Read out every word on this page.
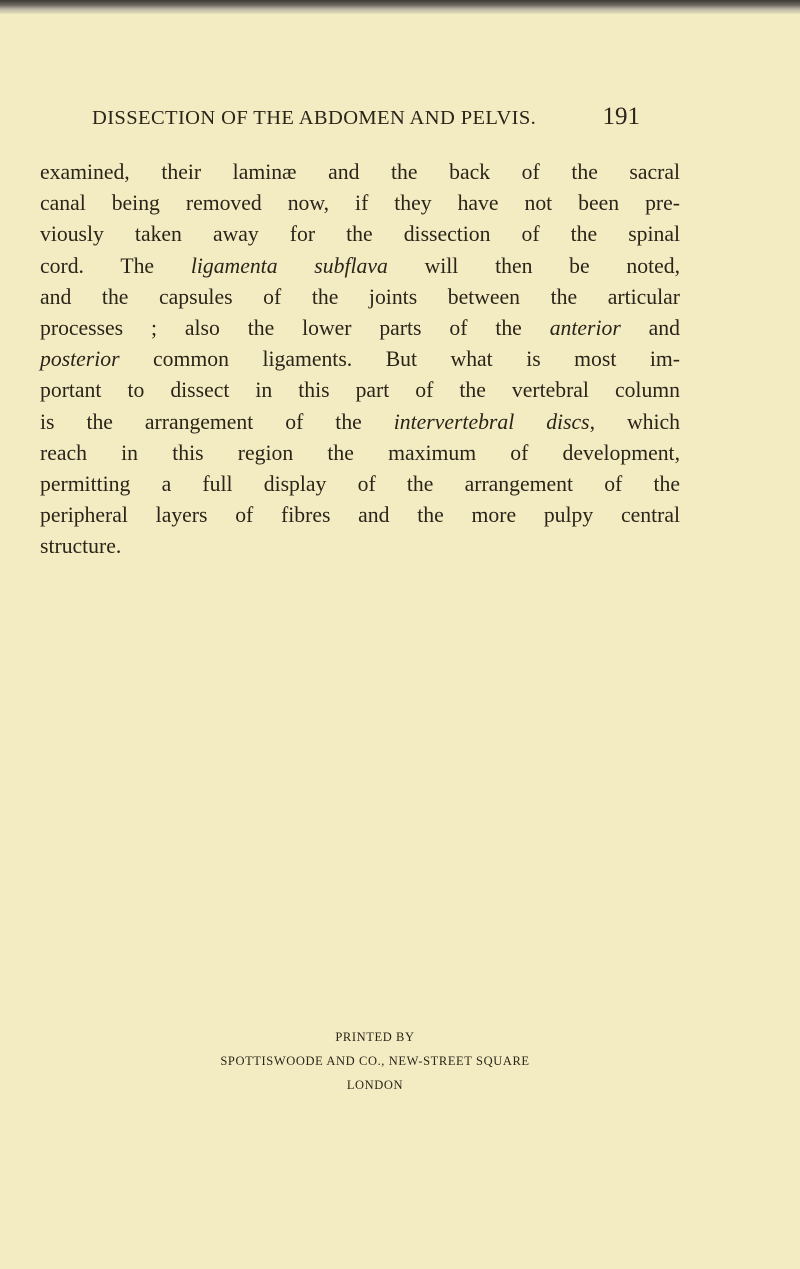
DISSECTION OF THE ABDOMEN AND PELVIS.	191
examined, their laminæ and the back of the sacral
canal being removed now, if they have not been pre-
viously taken away for the dissection of the spinal
cord. The ligamenta subflava will then be noted,
and the capsules of the joints between the articular
processes ; also the lower parts of the anterior and
posterior common ligaments. But what is most im-
portant to dissect in this part of the vertebral column
is the arrangement of the intervertebral discs, which
reach in this region the maximum of development,
permitting a full display of the arrangement of the
peripheral layers of fibres and the more pulpy central
structure.
PRINTED BY
SPOTTISWOODE AND CO., NEW-STREET SQUARE
LONDON
